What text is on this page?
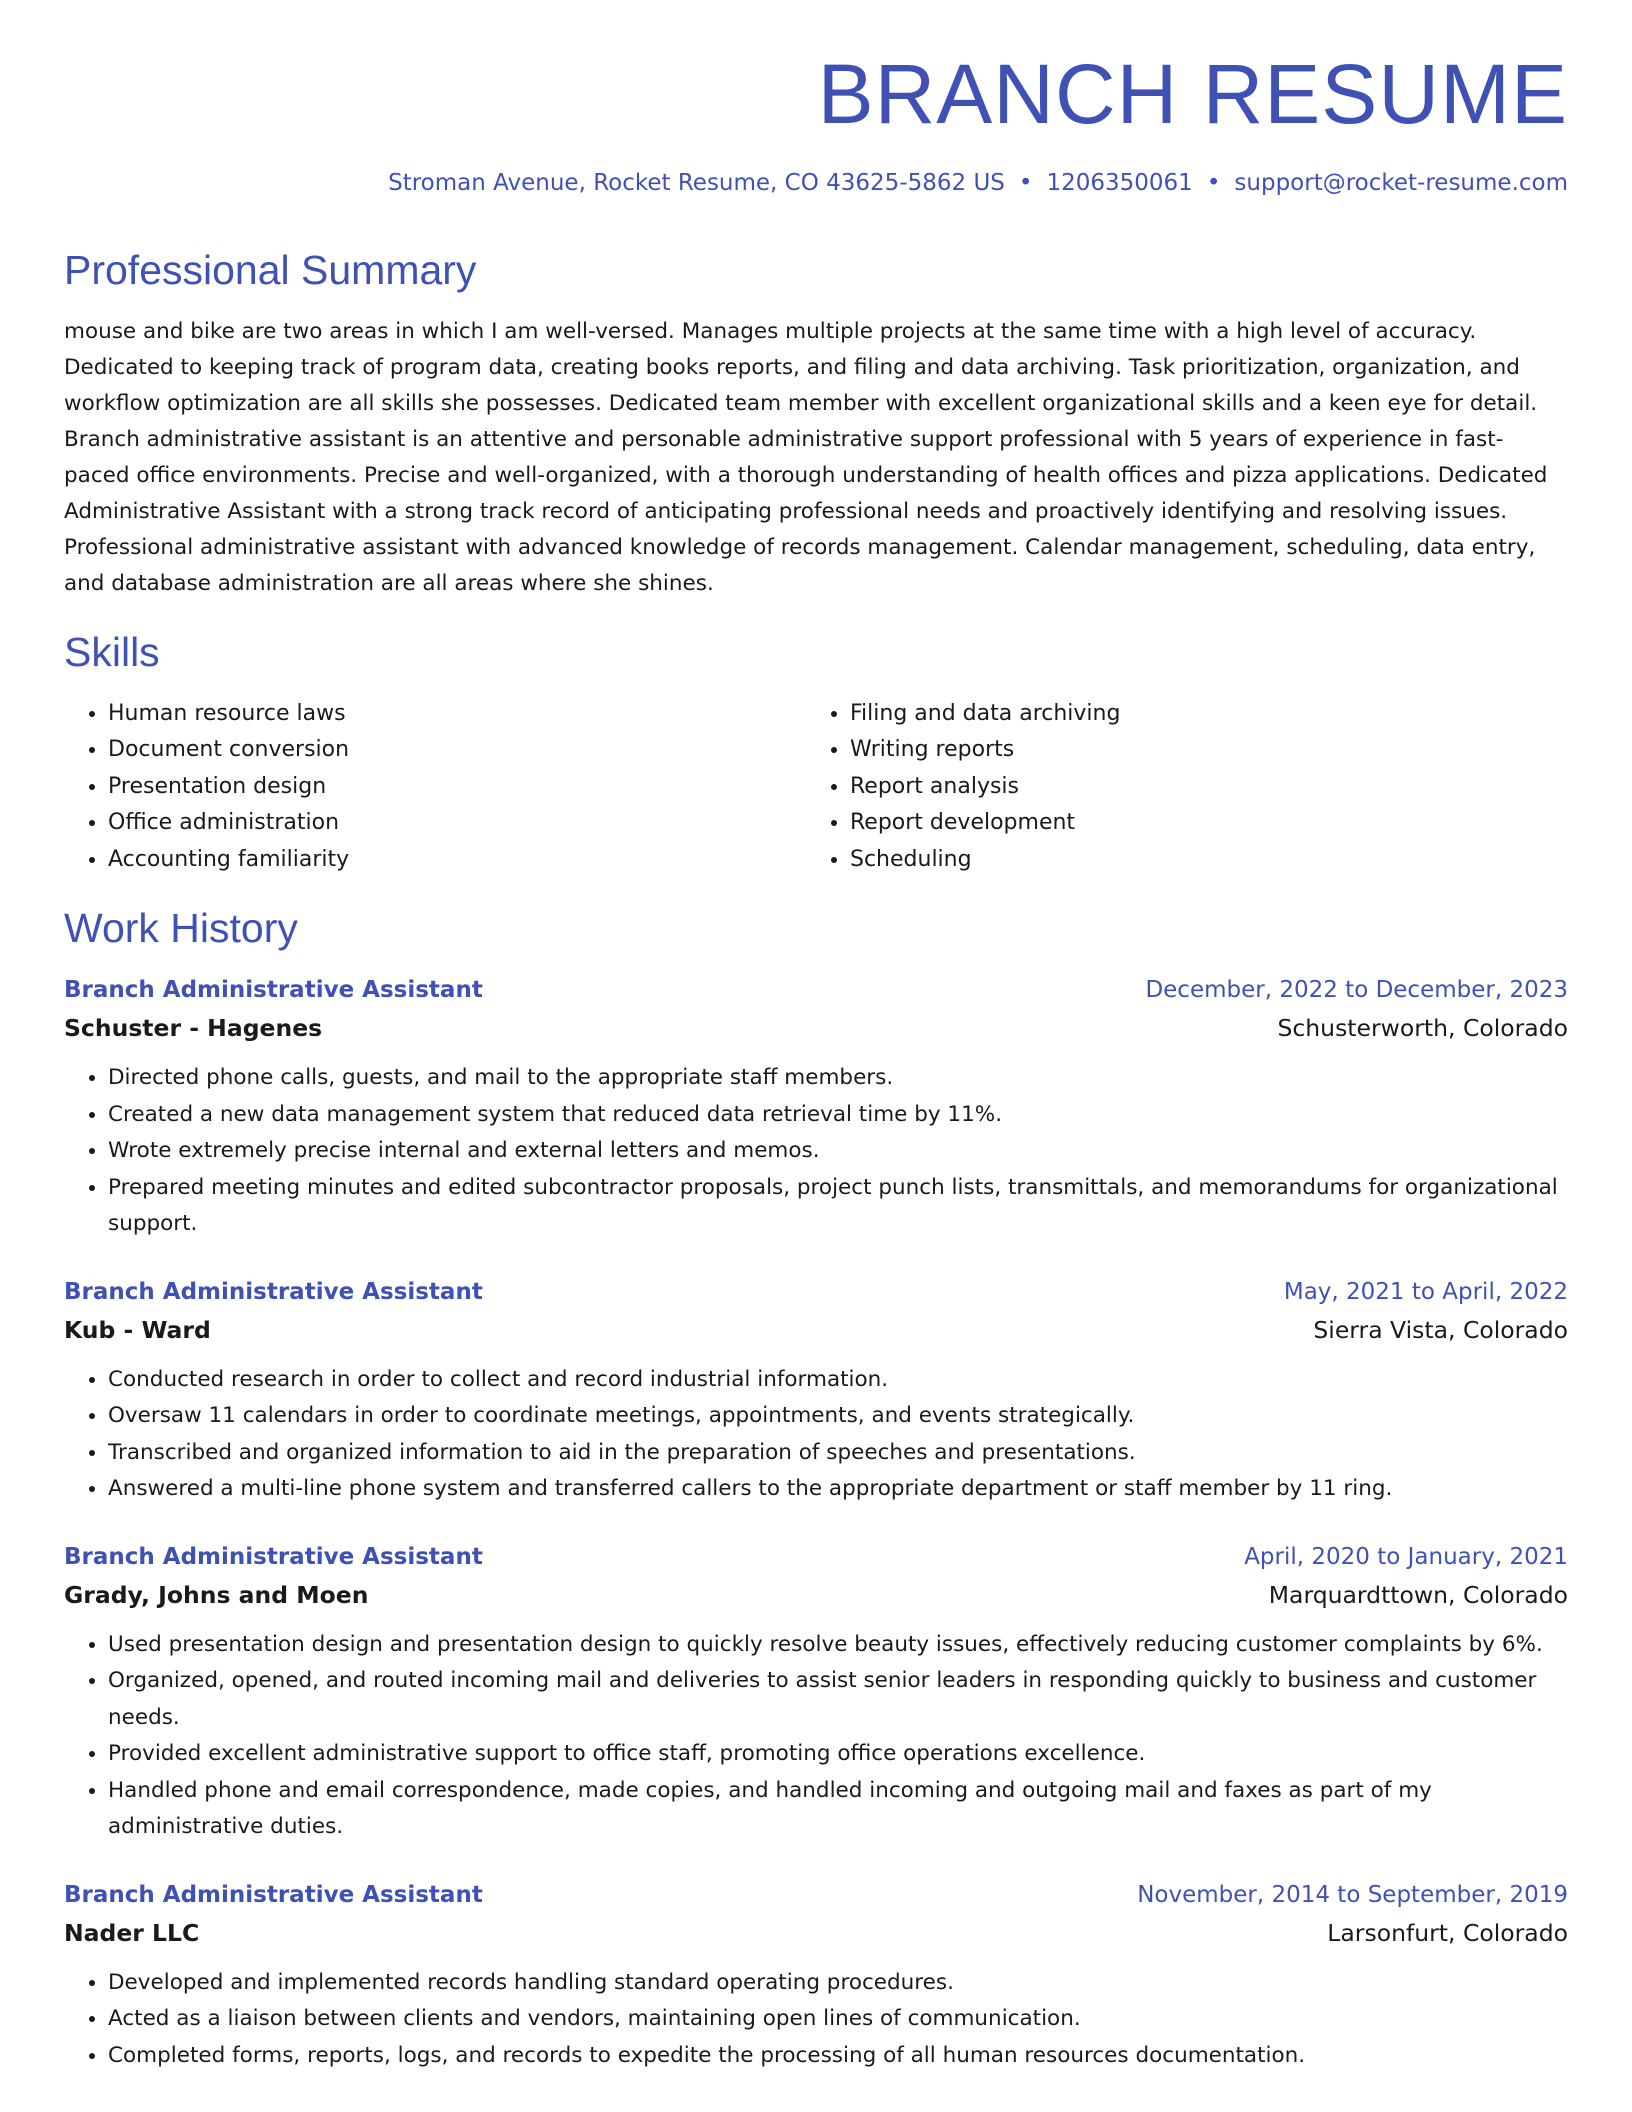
BRANCH RESUME
Stroman Avenue, Rocket Resume, CO 43625-5862 US • 1206350061 • support@rocket-resume.com
Professional Summary

mouse and bike are two areas in which I am well-versed. Manages multiple projects at the same time with a high level of accuracy. Dedicated to keeping track of program data, creating books reports, and filing and data archiving. Task prioritization, organization, and workflow optimization are all skills she possesses. Dedicated team member with excellent organizational skills and a keen eye for detail. Branch administrative assistant is an attentive and personable administrative support professional with 5 years of experience in fast-paced office environments. Precise and well-organized, with a thorough understanding of health offices and pizza applications. Dedicated Administrative Assistant with a strong track record of anticipating professional needs and proactively identifying and resolving issues. Professional administrative assistant with advanced knowledge of records management. Calendar management, scheduling, data entry, and database administration are all areas where she shines.

Skills
• Human resource laws
• Document conversion
• Presentation design
• Office administration
• Accounting familiarity
• Filing and data archiving
• Writing reports
• Report analysis
• Report development
• Scheduling
Work History
Branch Administrative Assistant	December, 2022 to December, 2023
Schuster - Hagenes	Schusterworth, Colorado
• Directed phone calls, guests, and mail to the appropriate staff members.
• Created a new data management system that reduced data retrieval time by 11%.
• Wrote extremely precise internal and external letters and memos.
• Prepared meeting minutes and edited subcontractor proposals, project punch lists, transmittals, and memorandums for organizational support.
Branch Administrative Assistant	May, 2021 to April, 2022
Kub - Ward	Sierra Vista, Colorado
• Conducted research in order to collect and record industrial information.
• Oversaw 11 calendars in order to coordinate meetings, appointments, and events strategically.
• Transcribed and organized information to aid in the preparation of speeches and presentations.
• Answered a multi-line phone system and transferred callers to the appropriate department or staff member by 11 ring.
Branch Administrative Assistant	April, 2020 to January, 2021
Grady, Johns and Moen	Marquardttown, Colorado
• Used presentation design and presentation design to quickly resolve beauty issues, effectively reducing customer complaints by 6%.
• Organized, opened, and routed incoming mail and deliveries to assist senior leaders in responding quickly to business and customer needs.
• Provided excellent administrative support to office staff, promoting office operations excellence.
• Handled phone and email correspondence, made copies, and handled incoming and outgoing mail and faxes as part of my administrative duties.
Branch Administrative Assistant	November, 2014 to September, 2019
Nader LLC	Larsonfurt, Colorado
• Developed and implemented records handling standard operating procedures.
• Acted as a liaison between clients and vendors, maintaining open lines of communication.
• Completed forms, reports, logs, and records to expedite the processing of all human resources documentation.
